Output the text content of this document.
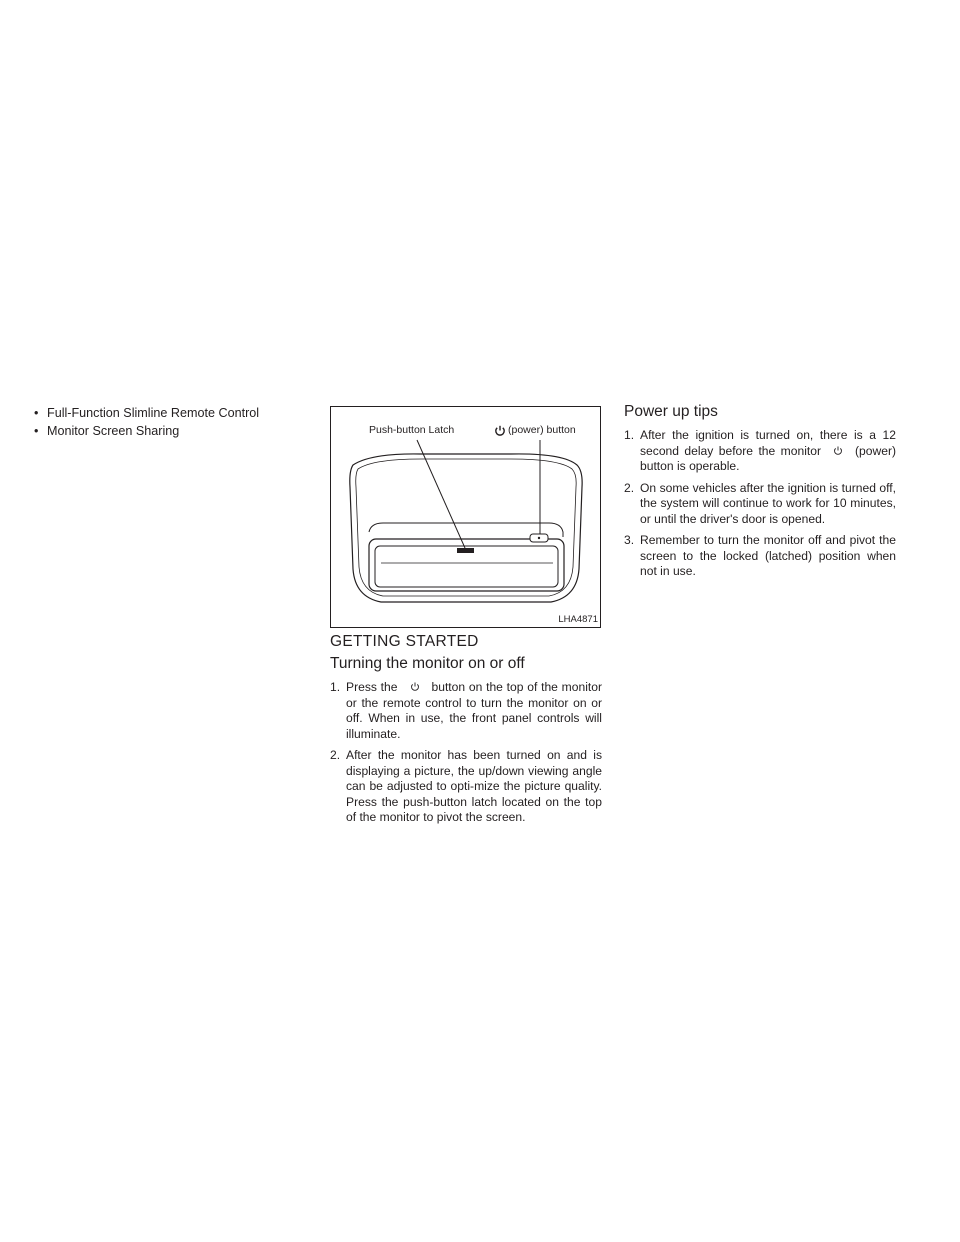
• Full-Function Slimline Remote Control
• Monitor Screen Sharing	Push-button Latch	(power) button
LHA4871
GETTING STARTED
Turning the monitor on or off
1. Press the	button on the top of the monitor or the remote control to turn the monitor on or off. When in use, the front panel controls will illuminate.
2. After the monitor has been turned on and is displaying a picture, the up/down viewing angle can be adjusted to opti-mize the picture quality. Press the push-button latch located on the top of the monitor to pivot the screen.
Power up tips
1. After the ignition is turned on, there is a 12 second delay before the monitor	(power) button is operable.
2. On some vehicles after the ignition is turned off, the system will continue to work for 10 minutes, or until the driver's door is opened.
3. Remember to turn the monitor off and pivot the screen to the locked (latched) position when not in use.
